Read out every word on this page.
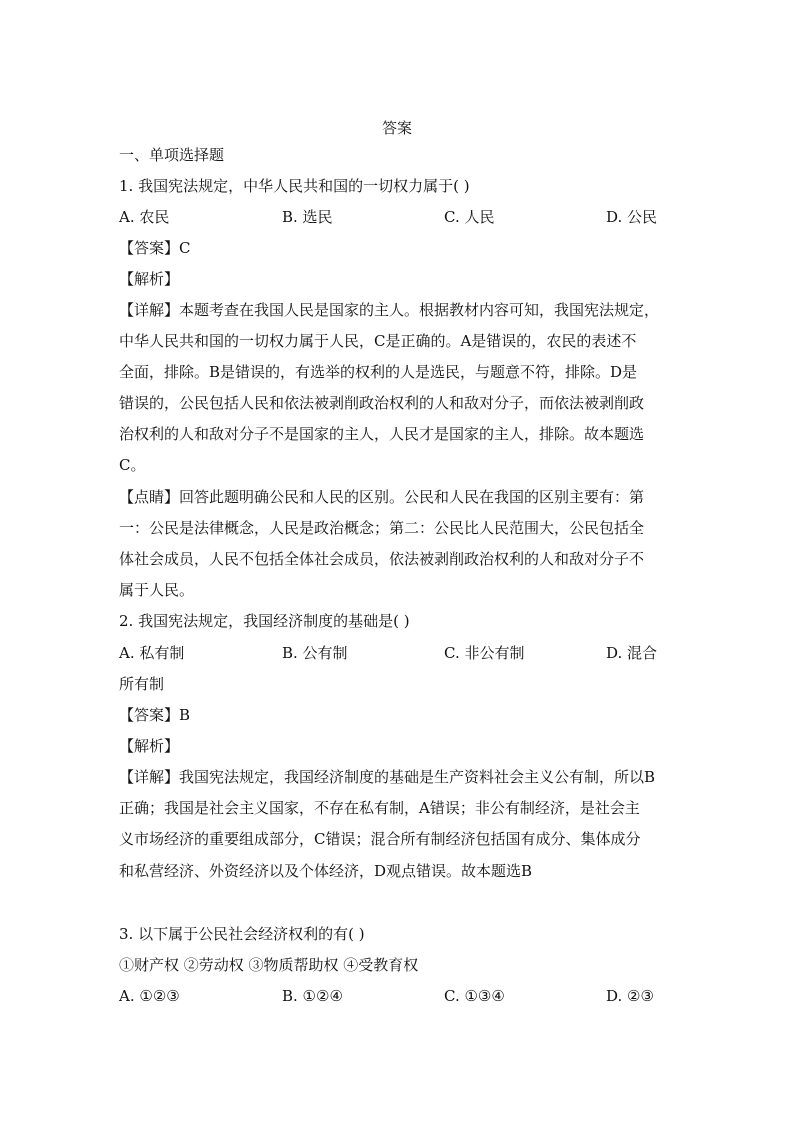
答案
一、单项选择题
1. 我国宪法规定，中华人民共和国的一切权力属于( )
A. 农民	B. 选民	C. 人民	D. 公民
【答案】C
【解析】
【详解】本题考查在我国人民是国家的主人。根据教材内容可知，我国宪法规定，
中华人民共和国的一切权力属于人民，C是正确的。A是错误的，农民的表述不
全面，排除。B是错误的，有选举的权利的人是选民，与题意不符，排除。D是
错误的，公民包括人民和依法被剥削政治权利的人和敌对分子，而依法被剥削政
治权利的人和敌对分子不是国家的主人，人民才是国家的主人，排除。故本题选
C。
【点睛】回答此题明确公民和人民的区别。公民和人民在我国的区别主要有：第
一：公民是法律概念，人民是政治概念；第二：公民比人民范围大，公民包括全
体社会成员，人民不包括全体社会成员，依法被剥削政治权利的人和敌对分子不
属于人民。
2. 我国宪法规定，我国经济制度的基础是( )
A. 私有制	B. 公有制	C. 非公有制	D. 混合
所有制
【答案】B
【解析】
【详解】我国宪法规定，我国经济制度的基础是生产资料社会主义公有制，所以B
正确；我国是社会主义国家，不存在私有制，A错误；非公有制经济，是社会主
义市场经济的重要组成部分，C错误；混合所有制经济包括国有成分、集体成分
和私营经济、外资经济以及个体经济，D观点错误。故本题选B
3. 以下属于公民社会经济权利的有( )
①财产权 ②劳动权 ③物质帮助权 ④受教育权
A. ①②③	B. ①②④	C. ①③④	D. ②③
